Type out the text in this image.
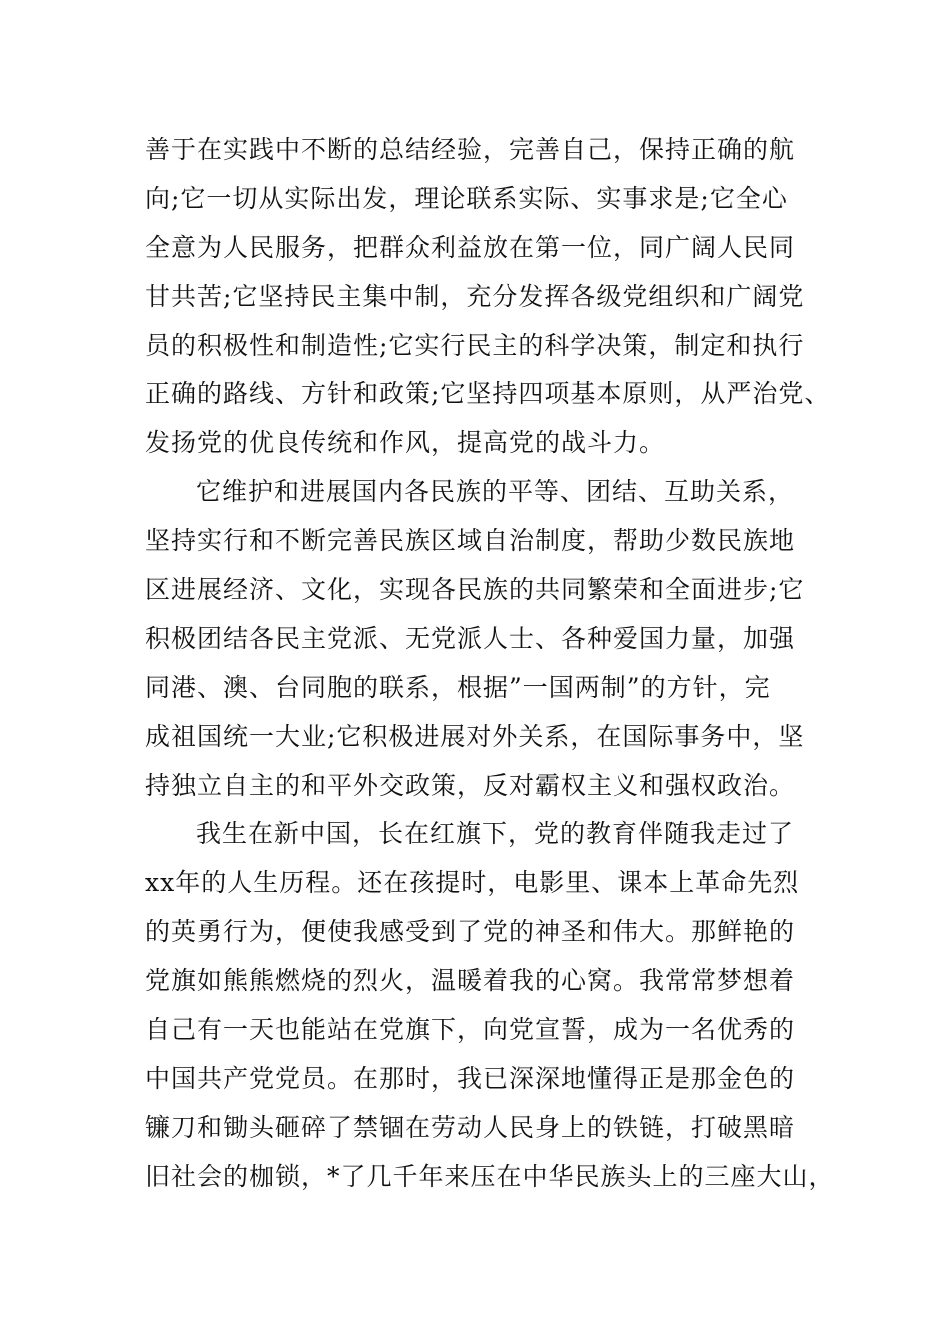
善于在实践中不断的总结经验，完善自己，保持正确的航
向;它一切从实际出发，理论联系实际、实事求是;它全心
全意为人民服务，把群众利益放在第一位，同广阔人民同
甘共苦;它坚持民主集中制，充分发挥各级党组织和广阔党
员的积极性和制造性;它实行民主的科学决策，制定和执行
正确的路线、方针和政策;它坚持四项基本原则，从严治党、
发扬党的优良传统和作风，提高党的战斗力。
它维护和进展国内各民族的平等、团结、互助关系，
坚持实行和不断完善民族区域自治制度，帮助少数民族地
区进展经济、文化，实现各民族的共同繁荣和全面进步;它
积极团结各民主党派、无党派人士、各种爱国力量，加强
同港、澳、台同胞的联系，根据”一国两制”的方针，完
成祖国统一大业;它积极进展对外关系，在国际事务中，坚
持独立自主的和平外交政策，反对霸权主义和强权政治。
我生在新中国，长在红旗下，党的教育伴随我走过了
xx年的人生历程。还在孩提时，电影里、课本上革命先烈
的英勇行为，便使我感受到了党的神圣和伟大。那鲜艳的
党旗如熊熊燃烧的烈火，温暖着我的心窝。我常常梦想着
自己有一天也能站在党旗下，向党宣誓，成为一名优秀的
中国共产党党员。在那时，我已深深地懂得正是那金色的
镰刀和锄头砸碎了禁锢在劳动人民身上的铁链，打破黑暗
旧社会的枷锁，*了几千年来压在中华民族头上的三座大山，
